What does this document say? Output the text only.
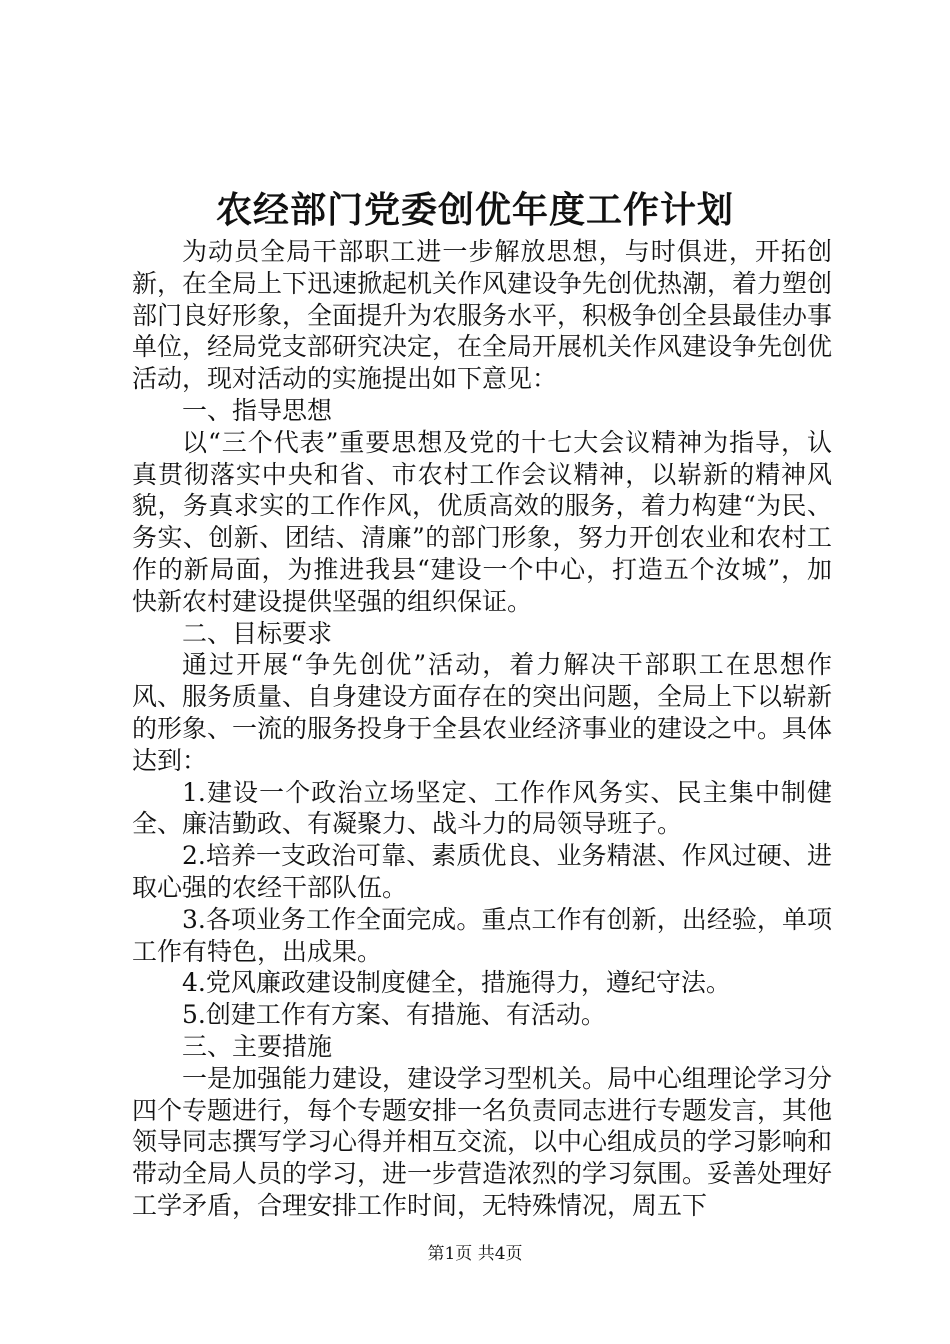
农经部门党委创优年度工作计划

为动员全局干部职工进一步解放思想，与时俱进，开拓创新，在全局上下迅速掀起机关作风建设争先创优热潮，着力塑创部门良好形象，全面提升为农服务水平，积极争创全县最佳办事单位，经局党支部研究决定，在全局开展机关作风建设争先创优活动，现对活动的实施提出如下意见：

一、指导思想

以“三个代表”重要思想及党的十七大会议精神为指导，认真贯彻落实中央和省、市农村工作会议精神，以崭新的精神风貌，务真求实的工作作风，优质高效的服务，着力构建“为民、务实、创新、团结、清廉”的部门形象，努力开创农业和农村工作的新局面，为推进我县“建设一个中心，打造五个汝城”，加快新农村建设提供坚强的组织保证。

二、目标要求

通过开展“争先创优”活动，着力解决干部职工在思想作风、服务质量、自身建设方面存在的突出问题，全局上下以崭新的形象、一流的服务投身于全县农业经济事业的建设之中。具体达到：

1.建设一个政治立场坚定、工作作风务实、民主集中制健全、廉洁勤政、有凝聚力、战斗力的局领导班子。

2.培养一支政治可靠、素质优良、业务精湛、作风过硬、进取心强的农经干部队伍。

3.各项业务工作全面完成。重点工作有创新，出经验，单项工作有特色，出成果。

4.党风廉政建设制度健全，措施得力，遵纪守法。

5.创建工作有方案、有措施、有活动。

三、主要措施

一是加强能力建设，建设学习型机关。局中心组理论学习分四个专题进行，每个专题安排一名负责同志进行专题发言，其他领导同志撰写学习心得并相互交流，以中心组成员的学习影响和带动全局人员的学习，进一步营造浓烈的学习氛围。妥善处理好工学矛盾，合理安排工作时间，无特殊情况，周五下

第1页 共4页
